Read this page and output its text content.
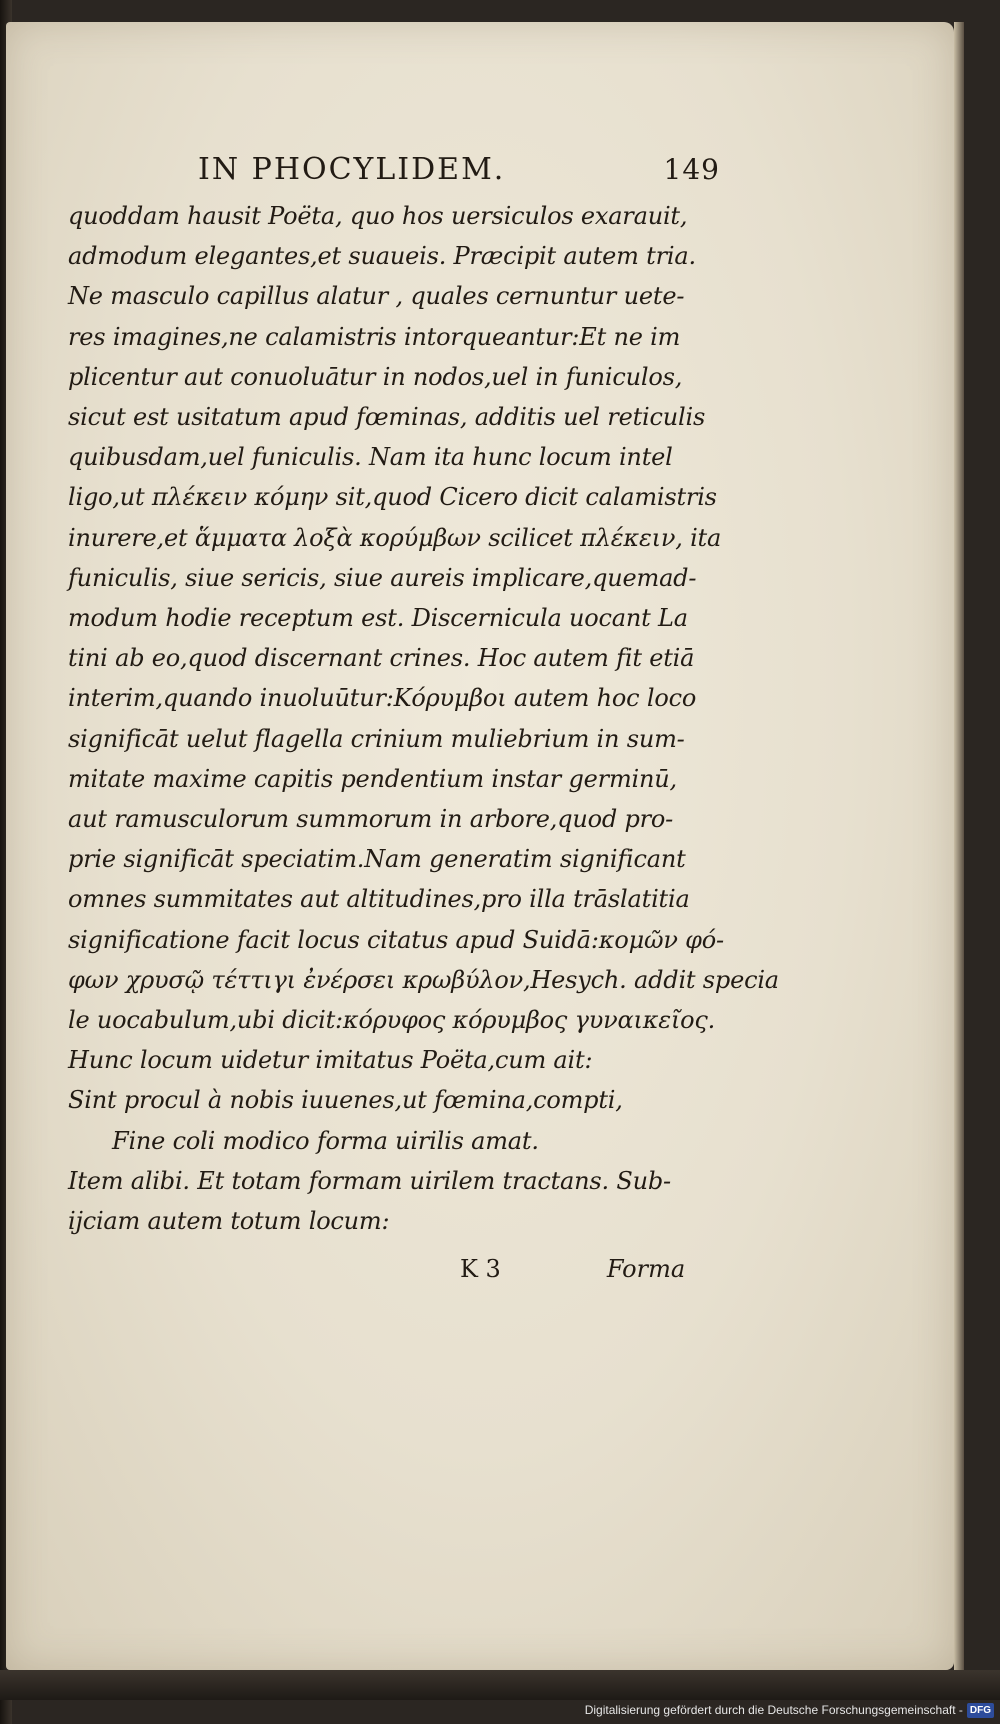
IN PHOCYLIDEM.	149
quoddam hausit Poëta, quo hos uersiculos exarauit,
admodum elegantes,et suaueis. Præcipit autem tria.
Ne masculo capillus alatur , quales cernuntur uete-
res imagines,ne calamistris intorqueantur:Et ne im
plicentur aut conuoluātur in nodos,uel in funiculos,
sicut est usitatum apud fœminas, additis uel reticulis
quibusdam,uel funiculis. Nam ita hunc locum intel
ligo,ut πλέκειν κόμην sit,quod Cicero dicit calamistris
inurere,et ἅμματα λοξὰ κορύμβων scilicet πλέκειν, ita
funiculis, siue sericis, siue aureis implicare,quemad-
modum hodie receptum est. Discernicula uocant La
tini ab eo,quod discernant crines. Hoc autem fit etiā
interim,quando inuoluūtur:Κόρυμβοι autem hoc loco
significāt uelut flagella crinium muliebrium in sum-
mitate maxime capitis pendentium instar germinū,
aut ramusculorum summorum in arbore,quod pro-
prie significāt speciatim.Nam generatim significant
omnes summitates aut altitudines,pro illa trāslatitia
significatione facit locus citatus apud Suidā:κομῶν φό-
φων χρυσῷ τέττιγι ἐνέρσει κρωβύλον,Hesych. addit specia
le uocabulum,ubi dicit:κόρυφος κόρυμβος γυναικεῖος.
Hunc locum uidetur imitatus Poëta,cum ait:
Sint procul à nobis iuuenes,ut fœmina,compti,
Fine coli modico forma uirilis amat.
Item alibi. Et totam formam uirilem tractans. Sub-
ijciam autem totum locum:
K 3	Forma
Digitalisierung gefördert durch die Deutsche Forschungsgemeinschaft - DFG
